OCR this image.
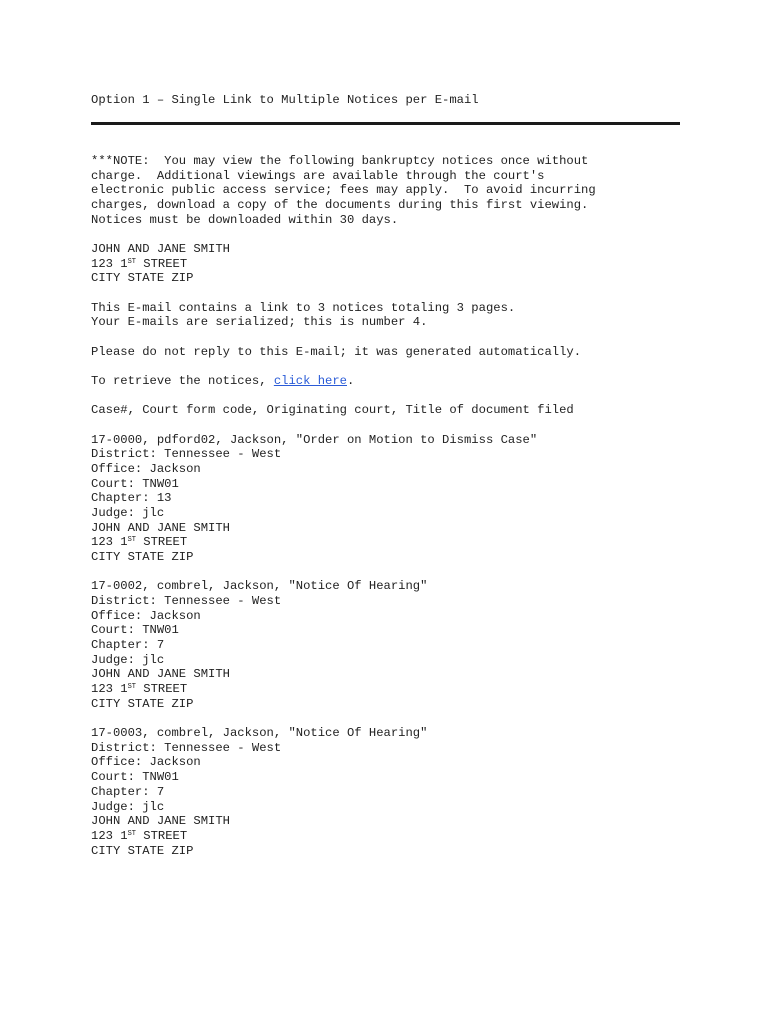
Option 1 – Single Link to Multiple Notices per E-mail
***NOTE:  You may view the following bankruptcy notices once without
charge.  Additional viewings are available through the court's
electronic public access service; fees may apply.  To avoid incurring
charges, download a copy of the documents during this first viewing.
Notices must be downloaded within 30 days.
JOHN AND JANE SMITH
123 1ST STREET
CITY STATE ZIP
This E-mail contains a link to 3 notices totaling 3 pages.
Your E-mails are serialized; this is number 4.
Please do not reply to this E-mail; it was generated automatically.
To retrieve the notices, click here.
Case#, Court form code, Originating court, Title of document filed
17-0000, pdford02, Jackson, "Order on Motion to Dismiss Case"
District: Tennessee - West
Office: Jackson
Court: TNW01
Chapter: 13
Judge: jlc
JOHN AND JANE SMITH
123 1ST STREET
CITY STATE ZIP
17-0002, combrel, Jackson, "Notice Of Hearing"
District: Tennessee - West
Office: Jackson
Court: TNW01
Chapter: 7
Judge: jlc
JOHN AND JANE SMITH
123 1ST STREET
CITY STATE ZIP
17-0003, combrel, Jackson, "Notice Of Hearing"
District: Tennessee - West
Office: Jackson
Court: TNW01
Chapter: 7
Judge: jlc
JOHN AND JANE SMITH
123 1ST STREET
CITY STATE ZIP
